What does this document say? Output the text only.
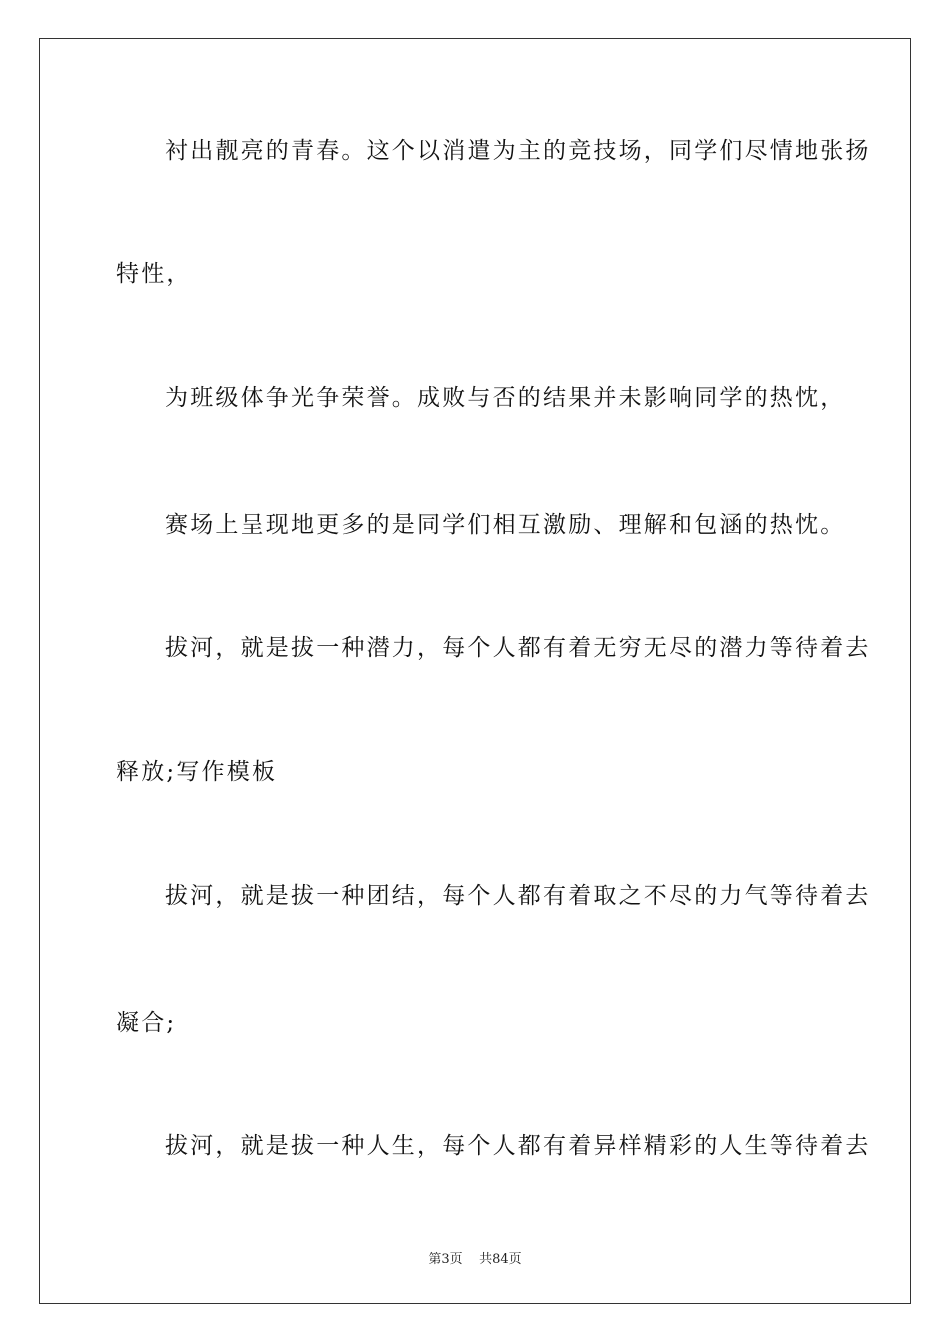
衬出靓亮的青春。这个以消遣为主的竞技场，同学们尽情地张扬
特性，
为班级体争光争荣誉。成败与否的结果并未影响同学的热忱，
赛场上呈现地更多的是同学们相互激励、理解和包涵的热忱。
拔河，就是拔一种潜力，每个人都有着无穷无尽的潜力等待着去
释放;写作模板
拔河，就是拔一种团结，每个人都有着取之不尽的力气等待着去
凝合;
拔河，就是拔一种人生，每个人都有着异样精彩的人生等待着去
第3页 共84页
